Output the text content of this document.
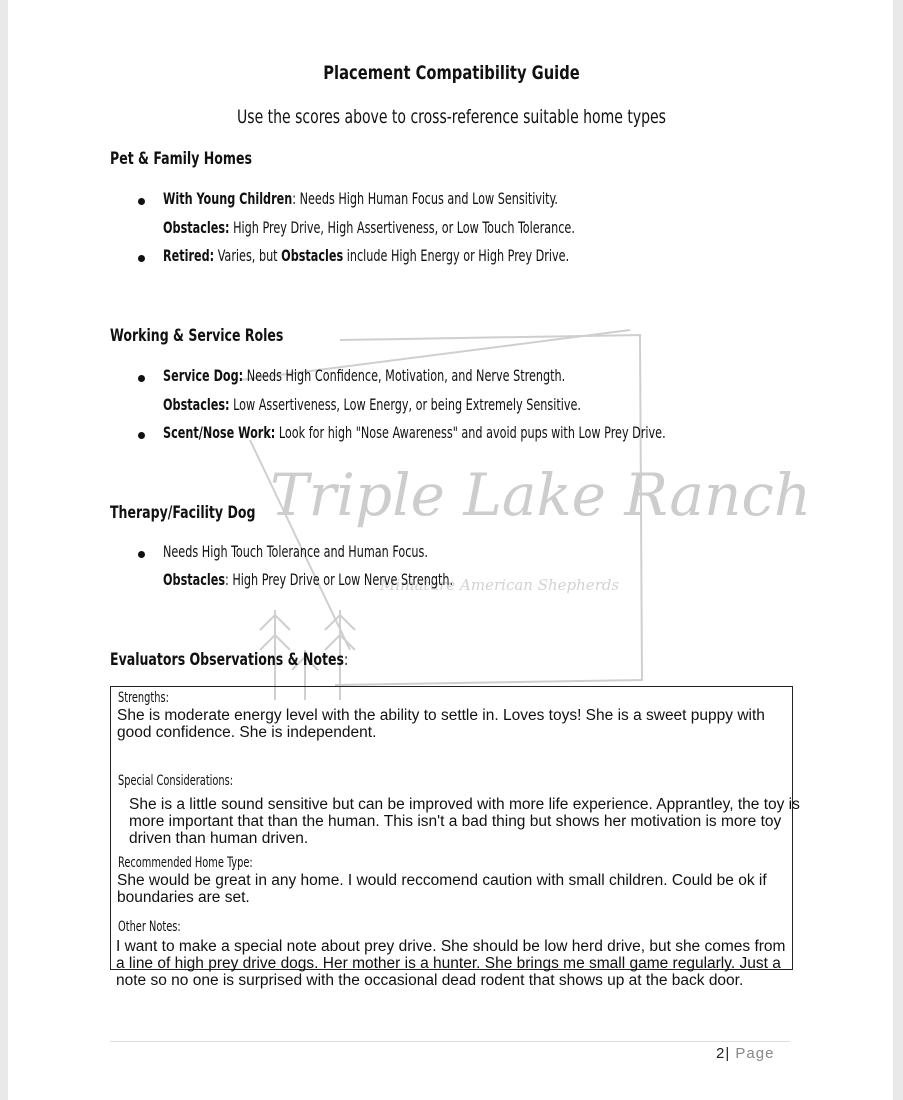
Triple Lake Ranch
Miniature American Shepherds
Placement Compatibility Guide
Use the scores above to cross-reference suitable home types
Pet & Family Homes
With Young Children: Needs High Human Focus and Low Sensitivity.
Obstacles: High Prey Drive, High Assertiveness, or Low Touch Tolerance.
Retired: Varies, but Obstacles include High Energy or High Prey Drive.
Working & Service Roles
Service Dog: Needs High Confidence, Motivation, and Nerve Strength.
Obstacles: Low Assertiveness, Low Energy, or being Extremely Sensitive.
Scent/Nose Work: Look for high "Nose Awareness" and avoid pups with Low Prey Drive.
Therapy/Facility Dog
Needs High Touch Tolerance and Human Focus.
Obstacles: High Prey Drive or Low Nerve Strength.
Evaluators Observations & Notes:
Strengths:
She is moderate energy level with the ability to settle in. Loves toys! She is a sweet puppy with good confidence. She is independent.
Special Considerations:
She is a little sound sensitive but can be improved with more life experience. Apprantley, the toy is more important that than the human. This isn't a bad thing but shows her motivation is more toy driven than human driven.
Recommended Home Type:
She would be great in any home. I would reccomend caution with small children. Could be ok if boundaries are set.
Other Notes:
I want to make a special note about prey drive. She should be low herd drive, but she comes from a line of high prey drive dogs. Her mother is a hunter. She brings me small game regularly. Just a note so no one is surprised with the occasional dead rodent that shows up at the back door.
2| Page
